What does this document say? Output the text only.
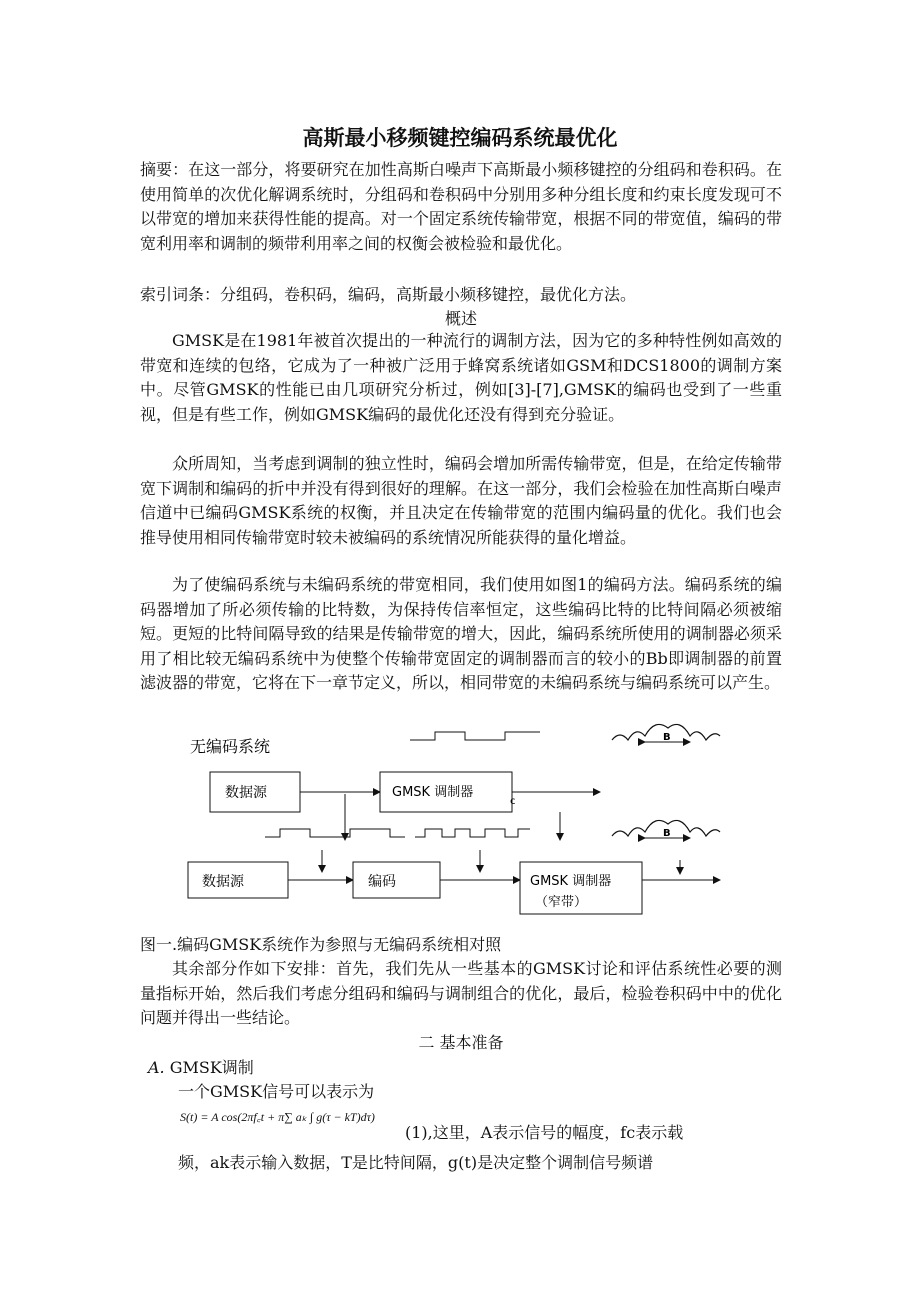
高斯最小移频键控编码系统最优化

摘要：在这一部分，将要研究在加性高斯白噪声下高斯最小频移键控的分组码和卷积码。在使用简单的次优化解调系统时，分组码和卷积码中分别用多种分组长度和约束长度发现可不以带宽的增加来获得性能的提高。对一个固定系统传输带宽，根据不同的带宽值，编码的带宽利用率和调制的频带利用率之间的权衡会被检验和最优化。

索引词条：分组码，卷积码，编码，高斯最小频移键控，最优化方法。

概述

GMSK是在1981年被首次提出的一种流行的调制方法，因为它的多种特性例如高效的带宽和连续的包络，它成为了一种被广泛用于蜂窝系统诸如GSM和DCS1800的调制方案中。尽管GMSK的性能已由几项研究分析过，例如[3]-[7],GMSK的编码也受到了一些重视，但是有些工作，例如GMSK编码的最优化还没有得到充分验证。

众所周知，当考虑到调制的独立性时，编码会增加所需传输带宽，但是，在给定传输带宽下调制和编码的折中并没有得到很好的理解。在这一部分，我们会检验在加性高斯白噪声信道中已编码GMSK系统的权衡，并且决定在传输带宽的范围内编码量的优化。我们也会推导使用相同传输带宽时较未被编码的系统情况所能获得的量化增益。

为了使编码系统与未编码系统的带宽相同，我们使用如图1的编码方法。编码系统的编码器增加了所必须传输的比特数，为保持传信率恒定，这些编码比特的比特间隔必须被缩短。更短的比特间隔导致的结果是传输带宽的增大，因此，编码系统所使用的调制器必须采用了相比较无编码系统中为使整个传输带宽固定的调制器而言的较小的Bb即调制器的前置滤波器的带宽，它将在下一章节定义，所以，相同带宽的未编码系统与编码系统可以产生。

无编码系统	B
数据源	GMSK 调制器
c
B
数据源	编码	GMSK 调制器
（窄带）
图一.编码GMSK系统作为参照与无编码系统相对照

其余部分作如下安排：首先，我们先从一些基本的GMSK讨论和评估系统性必要的测量指标开始，然后我们考虑分组码和编码与调制组合的优化，最后，检验卷积码中中的优化问题并得出一些结论。

二 基本准备
A. GMSK调制
一个GMSK信号可以表示为
S(t) = A cos(2πf꜀t + π∑ aₖ ∫ g(τ − kT)dτ)
(1),这里，A表示信号的幅度，fc表示载
频，ak表示输入数据，T是比特间隔，g(t)是决定整个调制信号频谱
